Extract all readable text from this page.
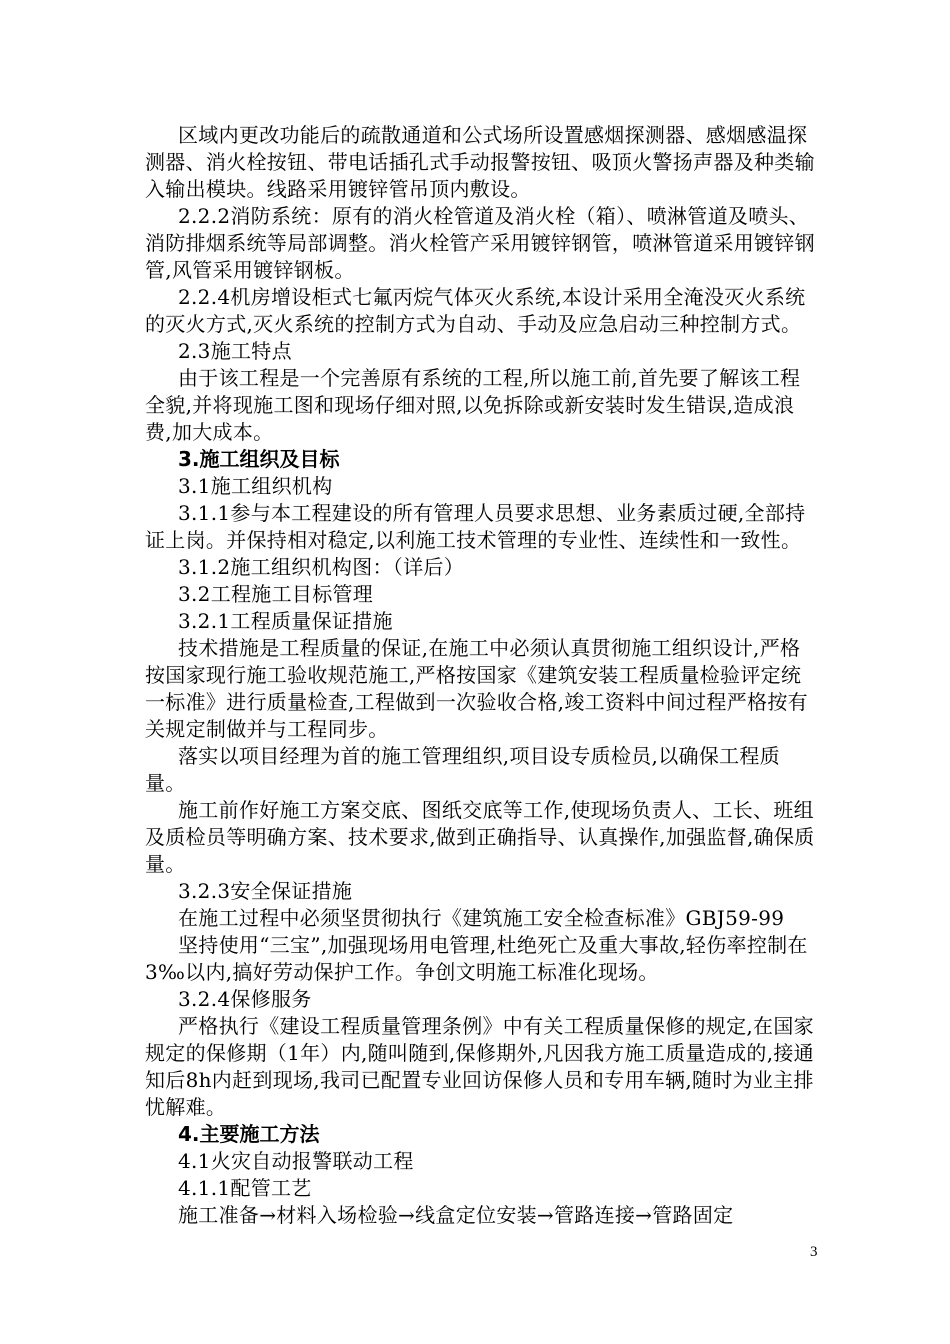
区域内更改功能后的疏散通道和公式场所设置感烟探测器、感烟感温探测器、消火栓按钮、带电话插孔式手动报警按钮、吸顶火警扬声器及种类输入输出模块。线路采用镀锌管吊顶内敷设。

2.2.2消防系统：原有的消火栓管道及消火栓（箱）、喷淋管道及喷头、 消防排烟系统等局部调整。消火栓管产采用镀锌钢管，喷淋管道采用镀锌钢管,风管采用镀锌钢板。

2.2.4机房增设柜式七氟丙烷气体灭火系统,本设计采用全淹没灭火系统的灭火方式,灭火系统的控制方式为自动、手动及应急启动三种控制方式。

2.3施工特点

由于该工程是一个完善原有系统的工程,所以施工前,首先要了解该工程全貌,并将现施工图和现场仔细对照,以免拆除或新安装时发生错误,造成浪费,加大成本。

3.施工组织及目标

3.1施工组织机构

3.1.1参与本工程建设的所有管理人员要求思想、业务素质过硬,全部持证上岗。并保持相对稳定,以利施工技术管理的专业性、连续性和一致性。

3.1.2施工组织机构图：（详后）

3.2工程施工目标管理

3.2.1工程质量保证措施

技术措施是工程质量的保证,在施工中必须认真贯彻施工组织设计,严格按国家现行施工验收规范施工,严格按国家《建筑安装工程质量检验评定统一标准》进行质量检查,工程做到一次验收合格,竣工资料中间过程严格按有关规定制做并与工程同步。

落实以项目经理为首的施工管理组织,项目设专质检员,以确保工程质量。

施工前作好施工方案交底、图纸交底等工作,使现场负责人、工长、班组及质检员等明确方案、技术要求,做到正确指导、认真操作,加强监督,确保质量。

3.2.3安全保证措施

在施工过程中必须坚贯彻执行《建筑施工安全检查标准》GBJ59-99

坚持使用“三宝”,加强现场用电管理,杜绝死亡及重大事故,轻伤率控制在3‰以内,搞好劳动保护工作。争创文明施工标准化现场。

3.2.4保修服务

严格执行《建设工程质量管理条例》中有关工程质量保修的规定,在国家规定的保修期（1年）内,随叫随到,保修期外,凡因我方施工质量造成的,接通知后8h内赶到现场,我司已配置专业回访保修人员和专用车辆,随时为业主排忧解难。

4.主要施工方法

4.1火灾自动报警联动工程

4.1.1配管工艺

施工准备→材料入场检验→线盒定位安装→管路连接→管路固定

3
